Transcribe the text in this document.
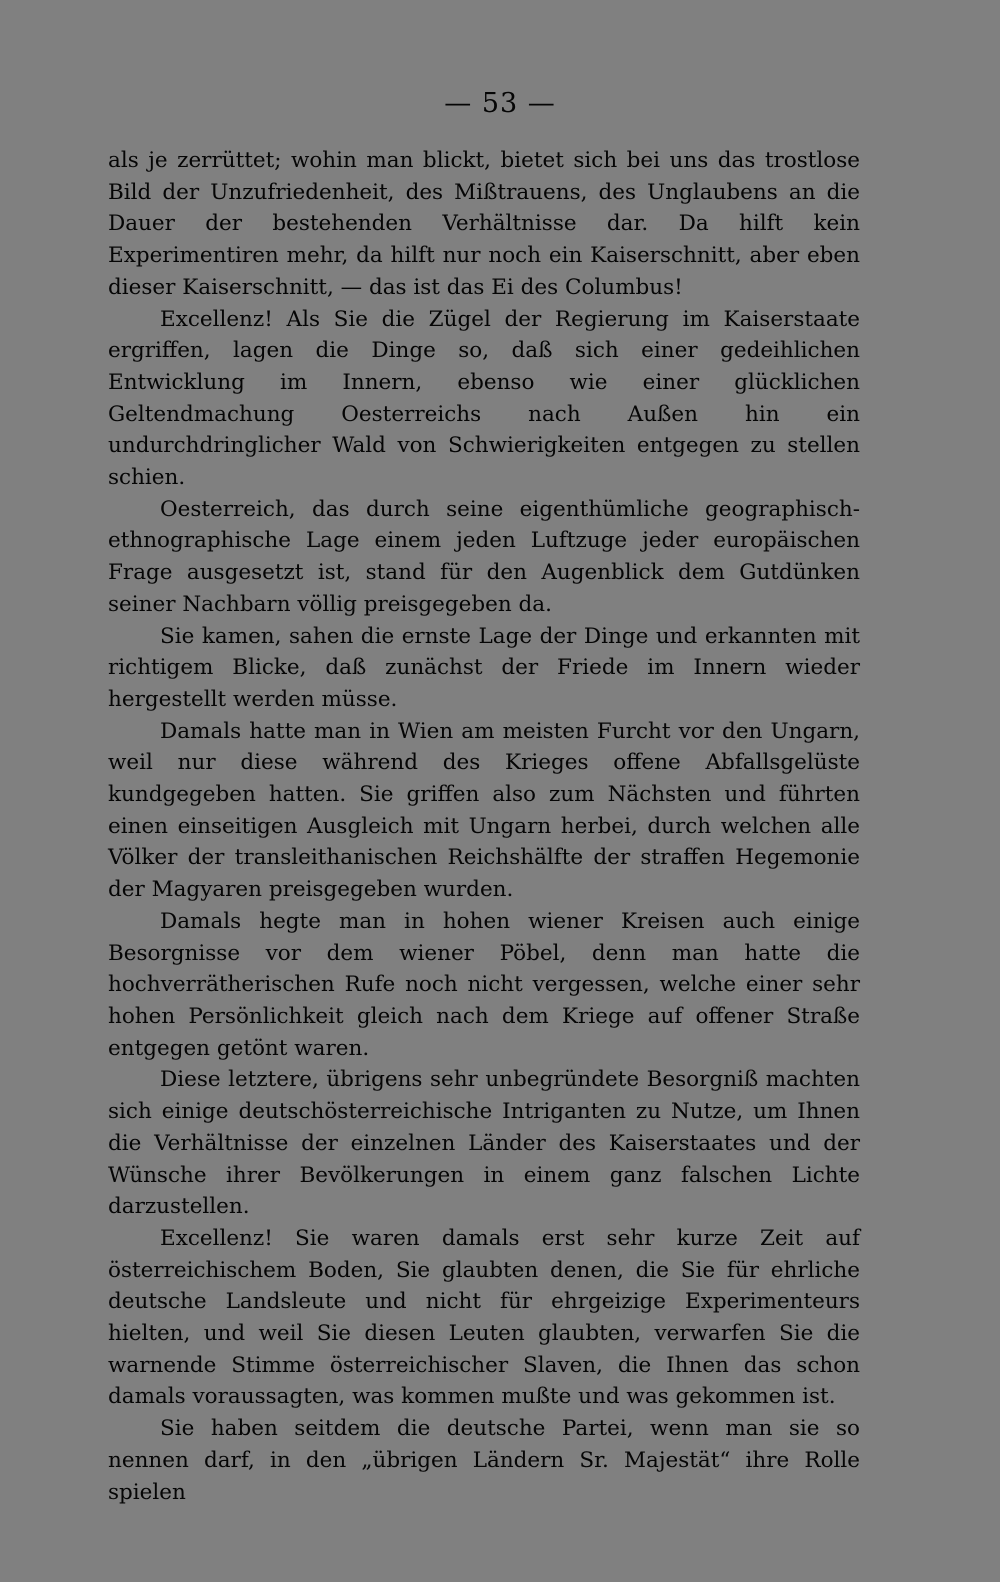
— 53 —

als je zerrüttet; wohin man blickt, bietet sich bei uns das trostlose Bild der Unzufriedenheit, des Mißtrauens, des Unglaubens an die Dauer der bestehenden Verhältnisse dar. Da hilft kein Experimentiren mehr, da hilft nur noch ein Kaiserschnitt, aber eben dieser Kaiserschnitt, — das ist das Ei des Columbus!

Excellenz! Als Sie die Zügel der Regierung im Kaiserstaate ergriffen, lagen die Dinge so, daß sich einer gedeihlichen Entwicklung im Innern, ebenso wie einer glücklichen Geltendmachung Oesterreichs nach Außen hin ein undurchdringlicher Wald von Schwierigkeiten entgegen zu stellen schien.

Oesterreich, das durch seine eigenthümliche geographisch-ethnographische Lage einem jeden Luftzuge jeder europäischen Frage ausgesetzt ist, stand für den Augenblick dem Gutdünken seiner Nachbarn völlig preisgegeben da.

Sie kamen, sahen die ernste Lage der Dinge und erkannten mit richtigem Blicke, daß zunächst der Friede im Innern wieder hergestellt werden müsse.

Damals hatte man in Wien am meisten Furcht vor den Ungarn, weil nur diese während des Krieges offene Abfallsgelüste kundgegeben hatten. Sie griffen also zum Nächsten und führten einen einseitigen Ausgleich mit Ungarn herbei, durch welchen alle Völker der transleithanischen Reichshälfte der straffen Hegemonie der Magyaren preisgegeben wurden.

Damals hegte man in hohen wiener Kreisen auch einige Besorgnisse vor dem wiener Pöbel, denn man hatte die hochverrätherischen Rufe noch nicht vergessen, welche einer sehr hohen Persönlichkeit gleich nach dem Kriege auf offener Straße entgegen getönt waren.

Diese letztere, übrigens sehr unbegründete Besorgniß machten sich einige deutschösterreichische Intriganten zu Nutze, um Ihnen die Verhältnisse der einzelnen Länder des Kaiserstaates und der Wünsche ihrer Bevölkerungen in einem ganz falschen Lichte darzustellen.

Excellenz! Sie waren damals erst sehr kurze Zeit auf österreichischem Boden, Sie glaubten denen, die Sie für ehrliche deutsche Landsleute und nicht für ehrgeizige Experimenteurs hielten, und weil Sie diesen Leuten glaubten, verwarfen Sie die warnende Stimme österreichischer Slaven, die Ihnen das schon damals voraussagten, was kommen mußte und was gekommen ist.

Sie haben seitdem die deutsche Partei, wenn man sie so nennen darf, in den „übrigen Ländern Sr. Majestät“ ihre Rolle spielen
